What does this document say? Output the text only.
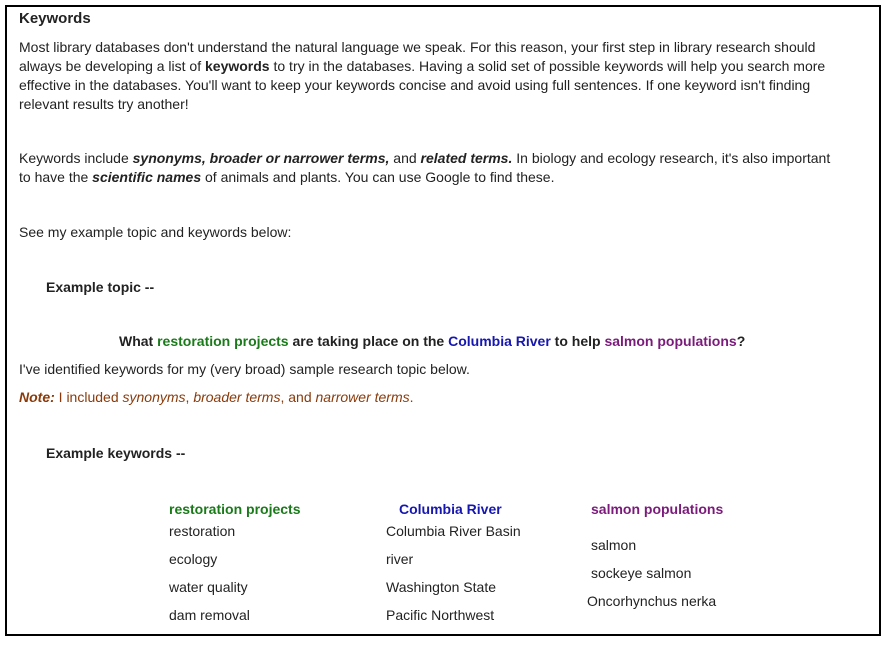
Keywords
Most library databases don't understand the natural language we speak. For this reason, your first step in library research should
always be developing a list of keywords to try in the databases. Having a solid set of possible keywords will help you search more
effective in the databases. You'll want to keep your keywords concise and avoid using full sentences. If one keyword isn't finding
relevant results try another!
Keywords include synonyms, broader or narrower terms, and related terms. In biology and ecology research, it's also important
to have the scientific names of animals and plants. You can use Google to find these.
See my example topic and keywords below:
Example topic --
What restoration projects are taking place on the Columbia River to help salmon populations?
I've identified keywords for my (very broad) sample research topic below.
Note: I included synonyms, broader terms, and narrower terms.
Example keywords --
restoration projects
restoration
ecology
water quality
dam removal
Columbia River
Columbia River Basin
river
Washington State
Pacific Northwest
salmon populations
salmon
sockeye salmon
Oncorhynchus nerka
